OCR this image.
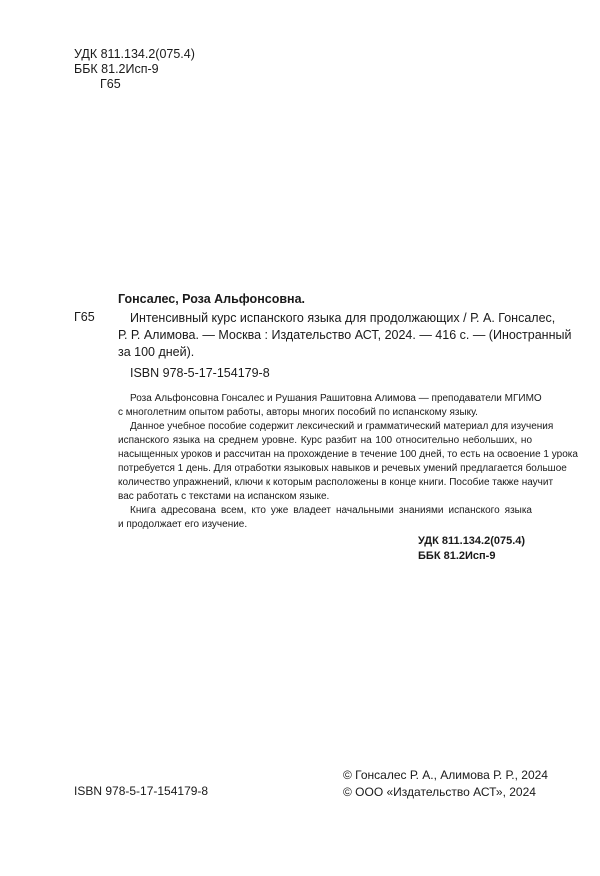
УДК 811.134.2(075.4)
ББК 81.2Исп-9
Г65
Гонсалес, Роза Альфонсовна.
Г65	Интенсивный курс испанского языка для продолжающих / Р. А. Гонсалес,
Р. Р. Алимова. — Москва : Издательство АСТ, 2024. — 416 с. — (Иностранный
за 100 дней).
ISBN 978-5-17-154179-8

Роза Альфонсовна Гонсалес и Рушания Рашитовна Алимова — преподаватели МГИМО
с многолетним опытом работы, авторы многих пособий по испанскому языку.

Данное учебное пособие содержит лексический и грамматический материал для изучения
испанского языка на среднем уровне. Курс разбит на 100 относительно небольших, но
насыщенных уроков и рассчитан на прохождение в течение 100 дней, то есть на освоение 1 урока
потребуется 1 день. Для отработки языковых навыков и речевых умений предлагается большое
количество упражнений, ключи к которым расположены в конце книги. Пособие также научит
вас работать с текстами на испанском языке.

Книга адресована всем, кто уже владеет начальными знаниями испанского языка
и продолжает его изучение.

УДК 811.134.2(075.4)
ББК 81.2Исп-9
ISBN 978-5-17-154179-8
© Гонсалес Р. А., Алимова Р. Р., 2024
© ООО «Издательство АСТ», 2024
